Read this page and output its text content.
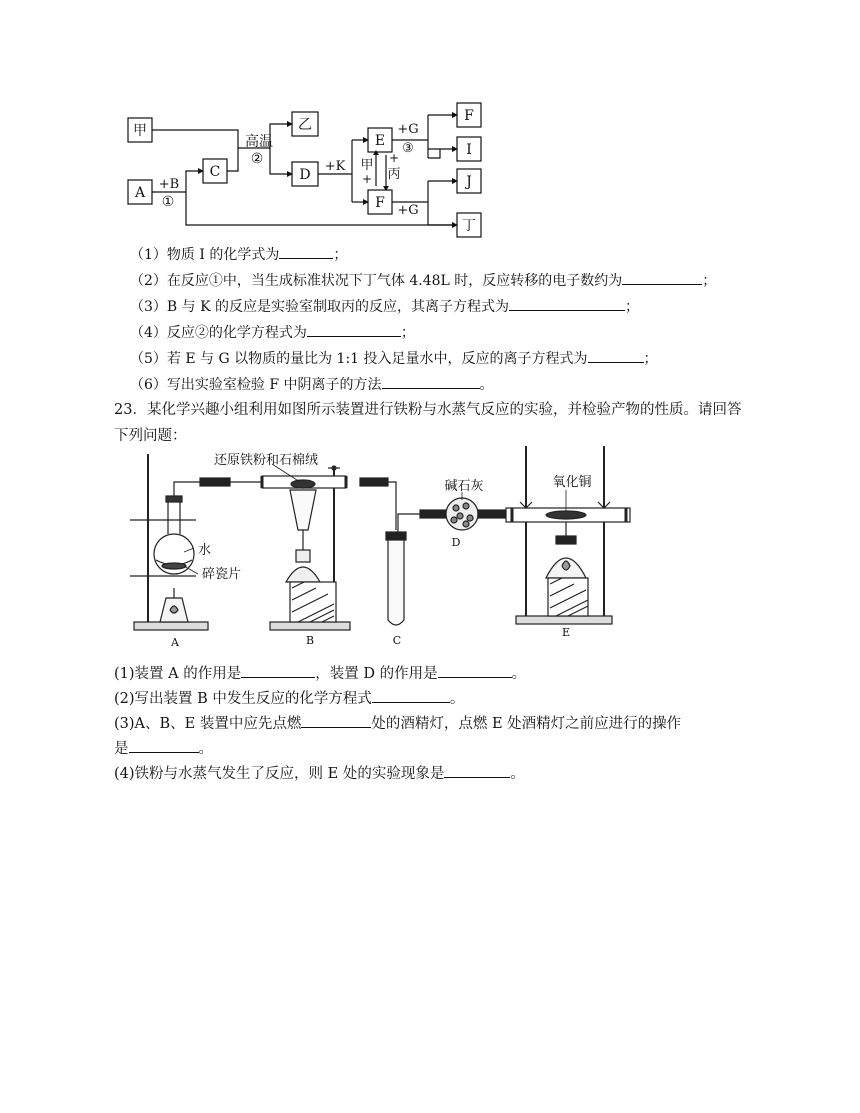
甲
A
C
乙
D
E
F
F
I
J
丁
高温
②
+B
①
+K 甲
+
+
丙
+G
③
+G
（1）物质 I 的化学式为	；
（2）在反应①中，当生成标准状况下丁气体 4.48L 时，反应转移的电子数约为	；
（3）B 与 K 的反应是实验室制取丙的反应，其离子方程式为	；
（4）反应②的化学方程式为	；
（5）若 E 与 G 以物质的量比为 1:1 投入足量水中，反应的离子方程式为	；
（6）写出实验室检验 F 中阴离子的方法	。
23．某化学兴趣小组利用如图所示装置进行铁粉与水蒸气反应的实验，并检验产物的性质。请回答下列问题：
还原铁粉和石棉绒
碱石灰	氧化铜
水
碎瓷片
A	B	C
D
E
(1)装置 A 的作用是	，装置 D 的作用是	。
(2)写出装置 B 中发生反应的化学方程式	。
(3)A、B、E 装置中应先点燃	处的酒精灯，点燃 E 处酒精灯之前应进行的操作
是	。
(4)铁粉与水蒸气发生了反应，则 E 处的实验现象是	。
